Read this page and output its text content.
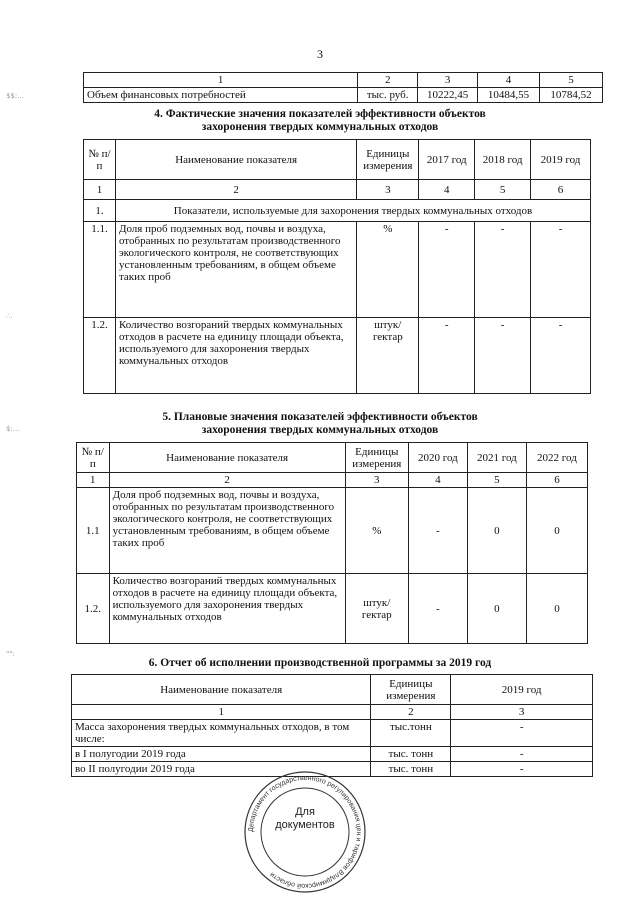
3
$$:...
∴.
$:...
"":
1	2	3	4	5
Объем финансовых потребностей	тыс. руб.	10222,45	10484,55	10784,52
4. Фактические значения показателей эффективности объектов
захоронения твердых коммунальных отходов
№ п/п	Наименование показателя	Единицы измерения	2017 год	2018 год	2019 год
1	2	3	4	5	6
1.	Показатели, используемые для захоронения твердых коммунальных отходов				
1.1.	Доля проб подземных вод, почвы и воздуха, отобранных по результатам производственного экологического контроля, не соответствующих установленным требованиям, в общем объеме таких проб	%	-	-	-
1.2.	Количество возгораний твердых коммунальных отходов в расчете на единицу площади объекта, используемого для захоронения твердых коммунальных отходов	штук/ гектар	-	-	-
5. Плановые значения показателей эффективности объектов
захоронения твердых коммунальных отходов
№ п/п	Наименование показателя	Единицы измерения	2020 год	2021 год	2022 год
1	2	3	4	5	6
1.1	Доля проб подземных вод, почвы и воздуха, отобранных по результатам производственного экологического контроля, не соответствующих установленным требованиям, в общем объеме таких проб	%	-	0	0
1.2.	Количество возгораний твердых коммунальных отходов в расчете на единицу площади объекта, используемого для захоронения твердых коммунальных отходов	штук/ гектар	-	0	0
6. Отчет об исполнении производственной программы за 2019 год
Наименование показателя	Единицы измерения	2019 год
1	2	3
Масса захоронения твердых коммунальных отходов, в том числе:	тыс.тонн	-
в I полугодии 2019 года	тыс. тонн	-
во II полугодии 2019 года	тыс. тонн	-
Департамент государственного регулирования цен и тарифов Владимирской области
Для
документов
